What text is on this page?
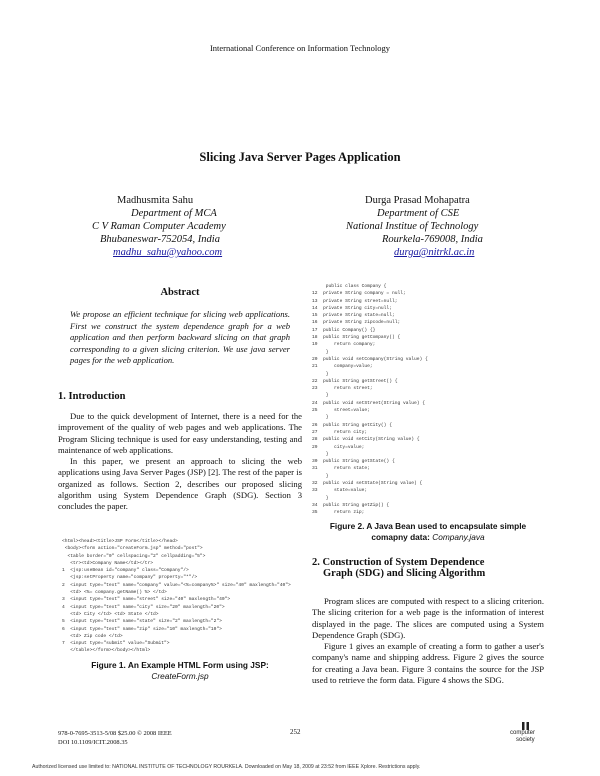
International Conference on Information Technology
Slicing Java Server Pages Application
Madhusmita Sahu
Department of MCA
C V Raman Computer Academy
Bhubaneswar-752054, India
madhu_sahu@yahoo.com
Durga Prasad Mohapatra
Department of CSE
National Institue of Technology
Rourkela-769008, India
durga@nitrkl.ac.in
Abstract
We propose an efficient technique for slicing web applications. First we construct the system dependence graph for a web application and then perform backward slicing on that graph corresponding to a given slicing criterion. We use java server pages for the web application.
1. Introduction

Due to the quick development of Internet, there is a need for the improvement of the quality of web pages and web applications. The Program Slicing technique is used for easy understanding, testing and maintenance of web applications.

In this paper, we present an approach to slicing the web applications using Java Server Pages (JSP) [2]. The rest of the paper is organized as follows. Section 2, describes our proposed slicing algorithm using System Dependence Graph (SDG). Section 3 concludes the paper.

<html><head><title>JSP Form</title></head>
<body><form action="createForm.jsp" method="post">
<table border="0" cellspacing="2" cellpadding="5">
<tr><td>Company Name</td></tr>
1  <jsp:useBean id="company" class="Company"/>
<jsp:setProperty name="company" property="*"/>
2  <input type="text" name="company" value="<%=company%>" size="40" maxlength="40">
<td> <%= company.getName() %> </td>
3  <input type="text" name="street" size="40" maxlength="40">
4  <input type="text" name="city" size="20" maxlength="20">
<td> City </td> <td> State </td>
5  <input type="text" name="state" size="2" maxlength="2">
6  <input type="text" name="zip" size="10" maxlength="10">
<td> Zip code </td>
7  <input type="submit" value="Submit">
</table></form></body></html>
Figure 1. An Example HTML Form using JSP:
CreateForm.jsp
public class Company {
12  private String company = null;
13  private String street=null;
14  private String city=null;
15  private String state=null;
16  private String zipcode=null;
17  public Company() {}
18  public String getCompany() {
19      return company;
}
20  public void setCompany(String value) {
21      company=value;
}
22  public String getStreet() {
23      return street;
}
24  public void setStreet(String value) {
25      street=value;
}
26  public String getCity() {
27      return city;
28  public void setCity(String value) {
29      city=value;
}
30  public String getState() {
31      return state;
}
32  public void setState(String value) {
33      state=value;
}
34  public String getZip() {
35      return zip;
Figure 2. A Java Bean used to encapsulate simple comapny data: Company.java
2. Construction of System Dependence
Graph (SDG) and Slicing Algorithm

Program slices are computed with respect to a slicing criterion. The slicing criterion for a web page is the information of interest displayed in the page. The slices are computed using a System Dependence Graph (SDG).

Figure 1 gives an example of creating a form to gather a user's company's name and shipping address. Figure 2 gives the source for creating a Java bean. Figure 3 contains the source for the JSP used to retrieve the form data. Figure 4 shows the SDG.

978-0-7695-3513-5/08 $25.00 © 2008 IEEE
DOI 10.1109/ICIT.2008.35
252	computer
society
Authorized licensed use limited to: NATIONAL INSTITUTE OF TECHNOLOGY ROURKELA. Downloaded on May 18, 2009 at 23:52 from IEEE Xplore. Restrictions apply.
